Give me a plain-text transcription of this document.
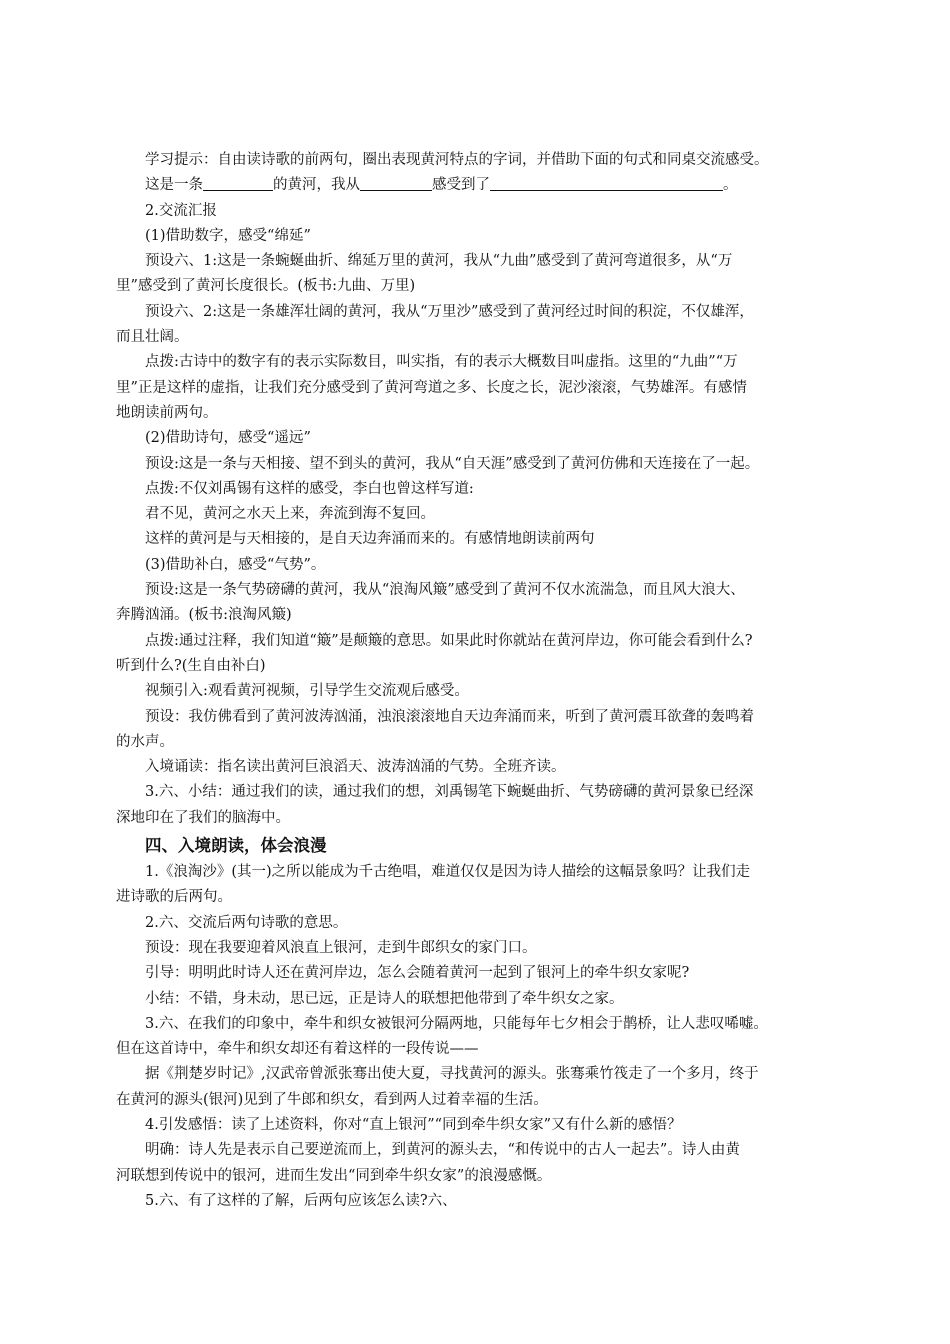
学习提示：自由读诗歌的前两句，圈出表现黄河特点的字词，并借助下面的句式和同桌交流感受。
这是一条	的黄河，我从	感受到了	。
2.交流汇报
(1)借助数字，感受“绵延”
预设六、1:这是一条蜿蜒曲折、绵延万里的黄河，我从“九曲”感受到了黄河弯道很多，从“万
里”感受到了黄河长度很长。(板书:九曲、万里)
预设六、2:这是一条雄浑壮阔的黄河，我从“万里沙”感受到了黄河经过时间的积淀，不仅雄浑，
而且壮阔。
点拨:古诗中的数字有的表示实际数目，叫实指，有的表示大概数目叫虚指。这里的“九曲”“万
里”正是这样的虚指，让我们充分感受到了黄河弯道之多、长度之长，泥沙滚滚，气势雄浑。有感情
地朗读前两句。
(2)借助诗句，感受“遥远”
预设:这是一条与天相接、望不到头的黄河，我从“自天涯”感受到了黄河仿佛和天连接在了一起。
点拨:不仅刘禹锡有这样的感受，李白也曾这样写道:
君不见，黄河之水天上来，奔流到海不复回。
这样的黄河是与天相接的，是自天边奔涌而来的。有感情地朗读前两句
(3)借助补白，感受“气势”。
预设:这是一条气势磅礴的黄河，我从“浪淘风簸”感受到了黄河不仅水流湍急，而且风大浪大、
奔腾汹涌。(板书:浪淘风簸)
点拨:通过注释，我们知道“簸”是颠簸的意思。如果此时你就站在黄河岸边，你可能会看到什么?
听到什么?(生自由补白)
视频引入:观看黄河视频，引导学生交流观后感受。
预设：我仿佛看到了黄河波涛汹涌，浊浪滚滚地自天边奔涌而来，听到了黄河震耳欲聋的轰鸣着
的水声。
入境诵读：指名读出黄河巨浪滔天、波涛汹涌的气势。全班齐读。
3.六、小结：通过我们的读，通过我们的想，刘禹锡笔下蜿蜒曲折、气势磅礴的黄河景象已经深
深地印在了我们的脑海中。
四、入境朗读，体会浪漫
1.《浪淘沙》(其一)之所以能成为千古绝唱，难道仅仅是因为诗人描绘的这幅景象吗？让我们走
进诗歌的后两句。
2.六、交流后两句诗歌的意思。
预设：现在我要迎着风浪直上银河，走到牛郎织女的家门口。
引导：明明此时诗人还在黄河岸边，怎么会随着黄河一起到了银河上的牵牛织女家呢?
小结：不错，身未动，思已远，正是诗人的联想把他带到了牵牛织女之家。
3.六、在我们的印象中，牵牛和织女被银河分隔两地，只能每年七夕相会于鹊桥，让人悲叹唏嘘。
但在这首诗中，牵牛和织女却还有着这样的一段传说——
据《荆楚岁时记》,汉武帝曾派张骞出使大夏，寻找黄河的源头。张骞乘竹筏走了一个多月，终于
在黄河的源头(银河)见到了牛郎和织女，看到两人过着幸福的生活。
4.引发感悟：读了上述资料，你对“直上银河”“同到牵牛织女家”又有什么新的感悟？
明确：诗人先是表示自己要逆流而上，到黄河的源头去，“和传说中的古人一起去”。诗人由黄
河联想到传说中的银河，进而生发出“同到牵牛织女家”的浪漫感慨。
5.六、有了这样的了解，后两句应该怎么读?六、
